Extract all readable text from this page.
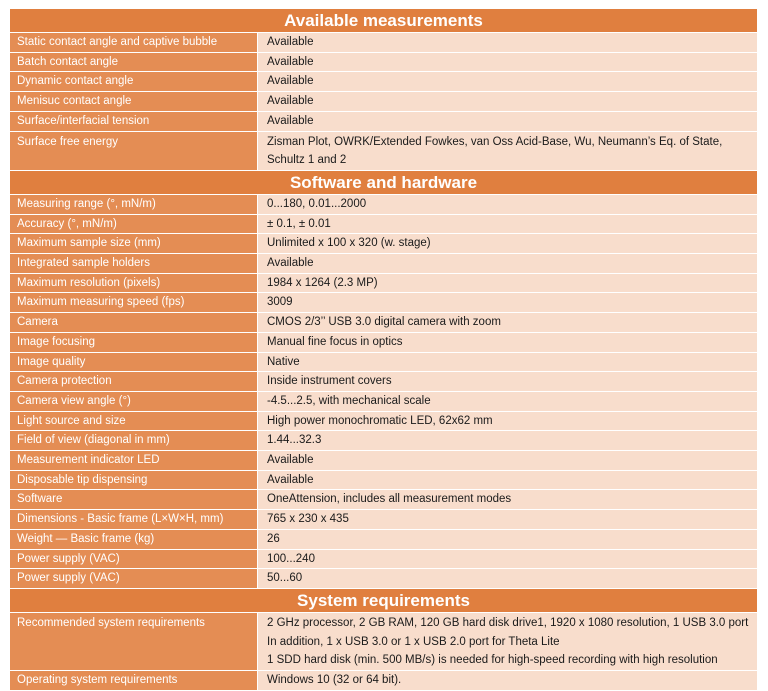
Available measurements
Static contact angle and captive bubble	Available
Batch contact angle	Available
Dynamic contact angle	Available
Menisuc contact angle	Available
Surface/interfacial tension	Available
Surface free energy	Zisman Plot, OWRK/Extended Fowkes, van Oss Acid-Base, Wu, Neumann’s Eq. of State,
Schultz 1 and 2
Software and hardware
Measuring range (°, mN/m)	0...180, 0.01...2000
Accuracy (°, mN/m)	± 0.1, ± 0.01
Maximum sample size (mm)	Unlimited x 100 x 320 (w. stage)
Integrated sample holders	Available
Maximum resolution (pixels)	1984 x 1264 (2.3 MP)
Maximum measuring speed (fps)	3009
Camera	CMOS 2/3’’ USB 3.0 digital camera with zoom
Image focusing	Manual fine focus in optics
Image quality	Native
Camera protection	Inside instrument covers
Camera view angle (°)	-4.5...2.5, with mechanical scale
Light source and size	High power monochromatic LED, 62x62 mm
Field of view (diagonal in mm)	1.44...32.3
Measurement indicator LED	Available
Disposable tip dispensing	Available
Software	OneAttension, includes all measurement modes
Dimensions - Basic frame (L×W×H, mm)	765 x 230 x 435
Weight — Basic frame (kg)	26
Power supply (VAC)	100...240
Power supply (VAC)	50...60
System requirements
Recommended system requirements	2 GHz processor, 2 GB RAM, 120 GB hard disk drive1, 1920 x 1080 resolution, 1 USB 3.0 port
In addition, 1 x USB 3.0 or 1 x USB 2.0 port for Theta Lite
1 SDD hard disk (min. 500 MB/s) is needed for high-speed recording with high resolution
Operating system requirements	Windows 10 (32 or 64 bit).
